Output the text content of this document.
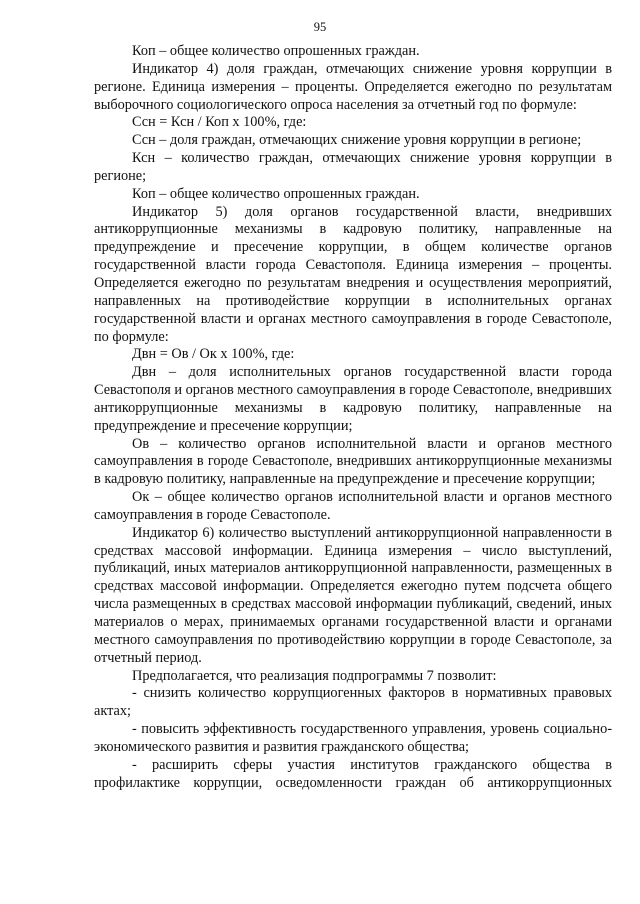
95

Коп – общее количество опрошенных граждан.

Индикатор 4) доля граждан, отмечающих снижение уровня коррупции в регионе. Единица измерения – проценты. Определяется ежегодно по результатам выборочного социологического опроса населения за отчетный год по формуле:

Ссн = Ксн / Коп х 100%, где:

Ссн – доля граждан, отмечающих снижение уровня коррупции в регионе;

Ксн – количество граждан, отмечающих снижение уровня коррупции в регионе;

Коп – общее количество опрошенных граждан.

Индикатор 5) доля органов государственной власти, внедривших антикоррупционные механизмы в кадровую политику, направленные на предупреждение и пресечение коррупции, в общем количестве органов государственной власти города Севастополя. Единица измерения – проценты. Определяется ежегодно по результатам внедрения и осуществления мероприятий, направленных на противодействие коррупции в исполнительных органах государственной власти и органах местного самоуправления в городе Севастополе, по формуле:

Двн = Ов / Ок х 100%, где:

Двн – доля исполнительных органов государственной власти города Севастополя и органов местного самоуправления в городе Севастополе, внедривших антикоррупционные механизмы в кадровую политику, направленные на предупреждение и пресечение коррупции;

Ов – количество органов исполнительной власти и органов местного самоуправления в городе Севастополе, внедривших антикоррупционные механизмы в кадровую политику, направленные на предупреждение и пресечение коррупции;

Ок – общее количество органов исполнительной власти и органов местного самоуправления в городе Севастополе.

Индикатор 6) количество выступлений антикоррупционной направленности в средствах массовой информации. Единица измерения – число выступлений, публикаций, иных материалов антикоррупционной направленности, размещенных в средствах массовой информации. Определяется ежегодно путем подсчета общего числа размещенных в средствах массовой информации публикаций, сведений, иных материалов о мерах, принимаемых органами государственной власти и органами местного самоуправления по противодействию коррупции в городе Севастополе, за отчетный период.

Предполагается, что реализация подпрограммы 7 позволит:

- снизить количество коррупциогенных факторов в нормативных правовых актах;

- повысить эффективность государственного управления, уровень социально-экономического развития и развития гражданского общества;

- расширить сферы участия институтов гражданского общества в профилактике коррупции, осведомленности граждан об антикоррупционных
